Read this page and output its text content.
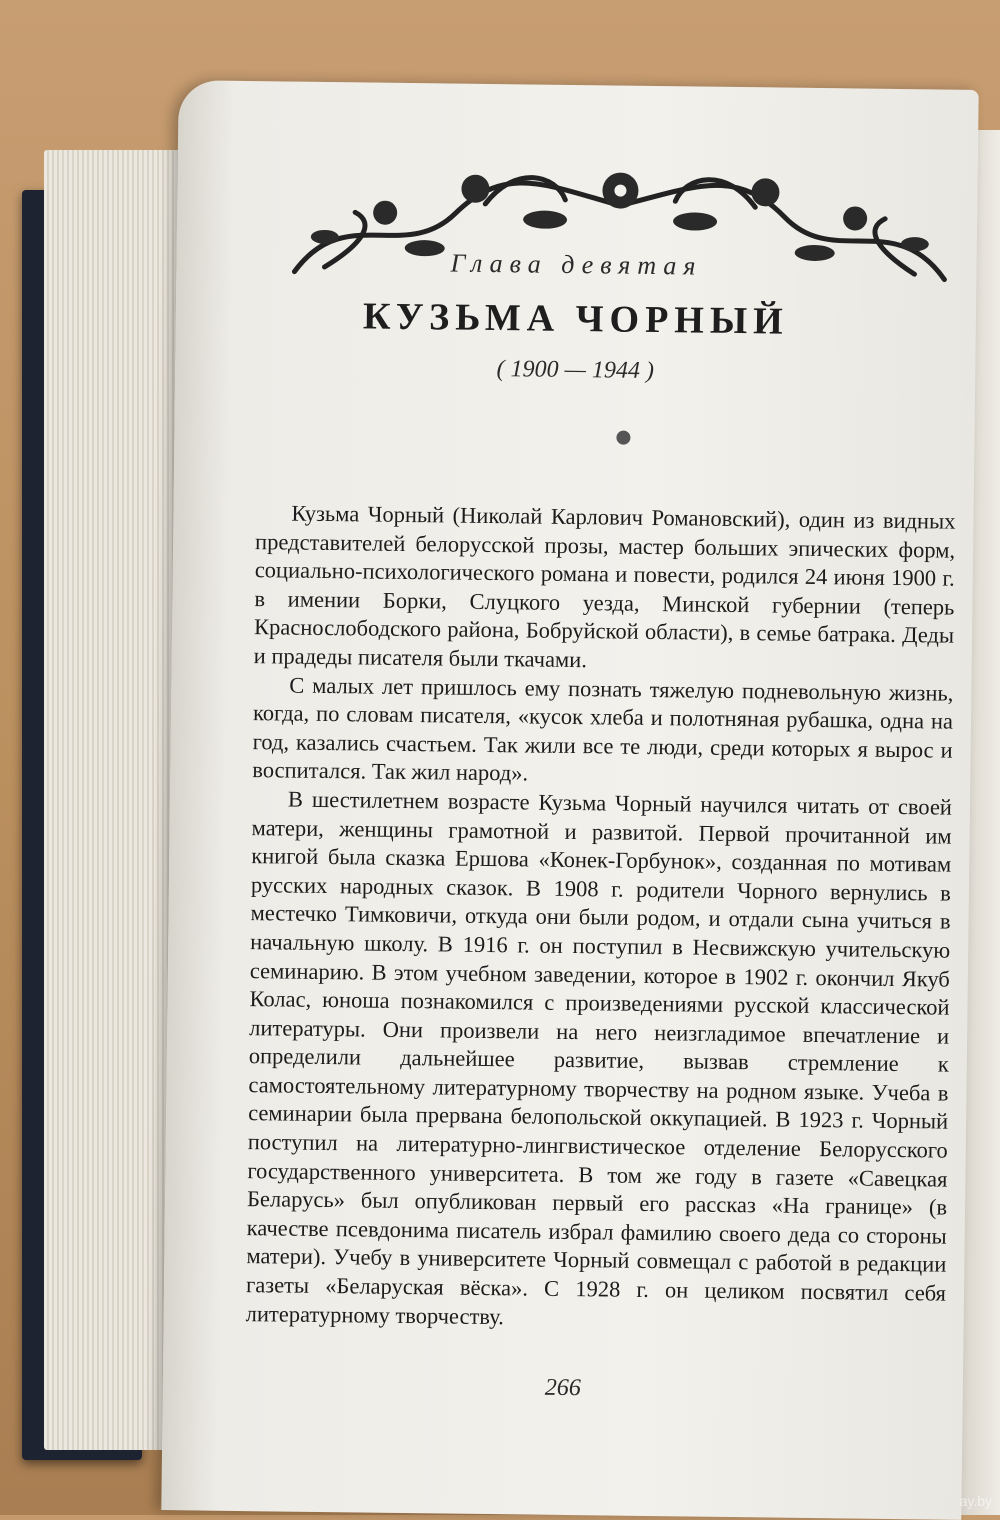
Глава девятая
КУЗЬМА ЧОРНЫЙ
( 1900 — 1944 )

Кузьма Чорный (Николай Карлович Романовский), один из видных представителей белорусской прозы, мастер больших эпических форм, социально-психологического романа и повести, родился 24 июня 1900 г. в имении Борки, Слуцкого уезда, Минской губернии (теперь Краснослободского района, Бобруйской области), в семье батрака. Деды и прадеды писателя были ткачами.

С малых лет пришлось ему познать тяжелую подневольную жизнь, когда, по словам писателя, «кусок хлеба и полотняная рубашка, одна на год, казались счастьем. Так жили все те люди, среди которых я вырос и воспитался. Так жил народ».

В шестилетнем возрасте Кузьма Чорный научился читать от своей матери, женщины грамотной и развитой. Первой прочитанной им книгой была сказка Ершова «Конек-Горбунок», созданная по мотивам русских народных сказок. В 1908 г. родители Чорного вернулись в местечко Тимковичи, откуда они были родом, и отдали сына учиться в начальную школу. В 1916 г. он поступил в Несвижскую учительскую семинарию. В этом учебном заведении, которое в 1902 г. окончил Якуб Колас, юноша познакомился с произведениями русской классической литературы. Они произвели на него неизгладимое впечатление и определили дальнейшее развитие, вызвав стремление к самостоятельному литературному творчеству на родном языке. Учеба в семинарии была прервана белопольской оккупацией. В 1923 г. Чорный поступил на литературно-лингвистическое отделение Белорусского государственного университета. В том же году в газете «Савецкая Беларусь» был опубликован первый его рассказ «На границе» (в качестве псевдонима писатель избрал фамилию своего деда со стороны матери). Учебу в университете Чорный совмещал с работой в редакции газеты «Беларуская вёска». С 1928 г. он целиком посвятил себя литературному творчеству.

266
ay.by
